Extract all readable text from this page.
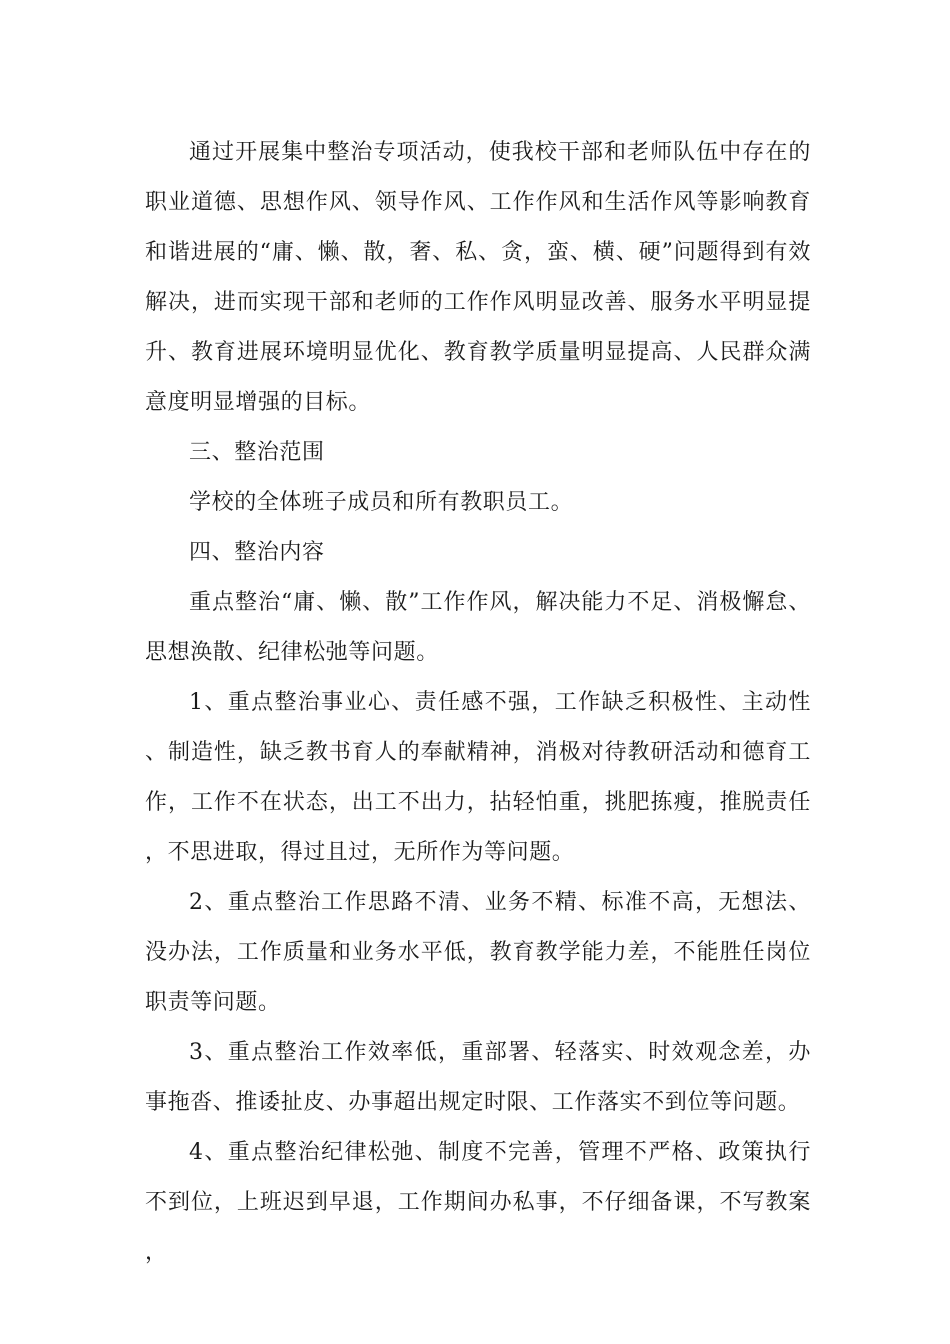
通过开展集中整治专项活动，使我校干部和老师队伍中存在的职业道德、思想作风、领导作风、工作作风和生活作风等影响教育和谐进展的“庸、懒、散，奢、私、贪，蛮、横、硬”问题得到有效解决，进而实现干部和老师的工作作风明显改善、服务水平明显提升、教育进展环境明显优化、教育教学质量明显提高、人民群众满意度明显增强的目标。

三、整治范围

学校的全体班子成员和所有教职员工。

四、整治内容

重点整治“庸、懒、散”工作作风，解决能力不足、消极懈怠、思想涣散、纪律松弛等问题。

1、重点整治事业心、责任感不强，工作缺乏积极性、主动性、制造性，缺乏教书育人的奉献精神，消极对待教研活动和德育工作，工作不在状态，出工不出力，拈轻怕重，挑肥拣瘦，推脱责任，不思进取，得过且过，无所作为等问题。

2、重点整治工作思路不清、业务不精、标准不高，无想法、没办法，工作质量和业务水平低，教育教学能力差，不能胜任岗位职责等问题。

3、重点整治工作效率低，重部署、轻落实、时效观念差，办事拖沓、推诿扯皮、办事超出规定时限、工作落实不到位等问题。

4、重点整治纪律松弛、制度不完善，管理不严格、政策执行不到位，上班迟到早退，工作期间办私事，不仔细备课，不写教案，
